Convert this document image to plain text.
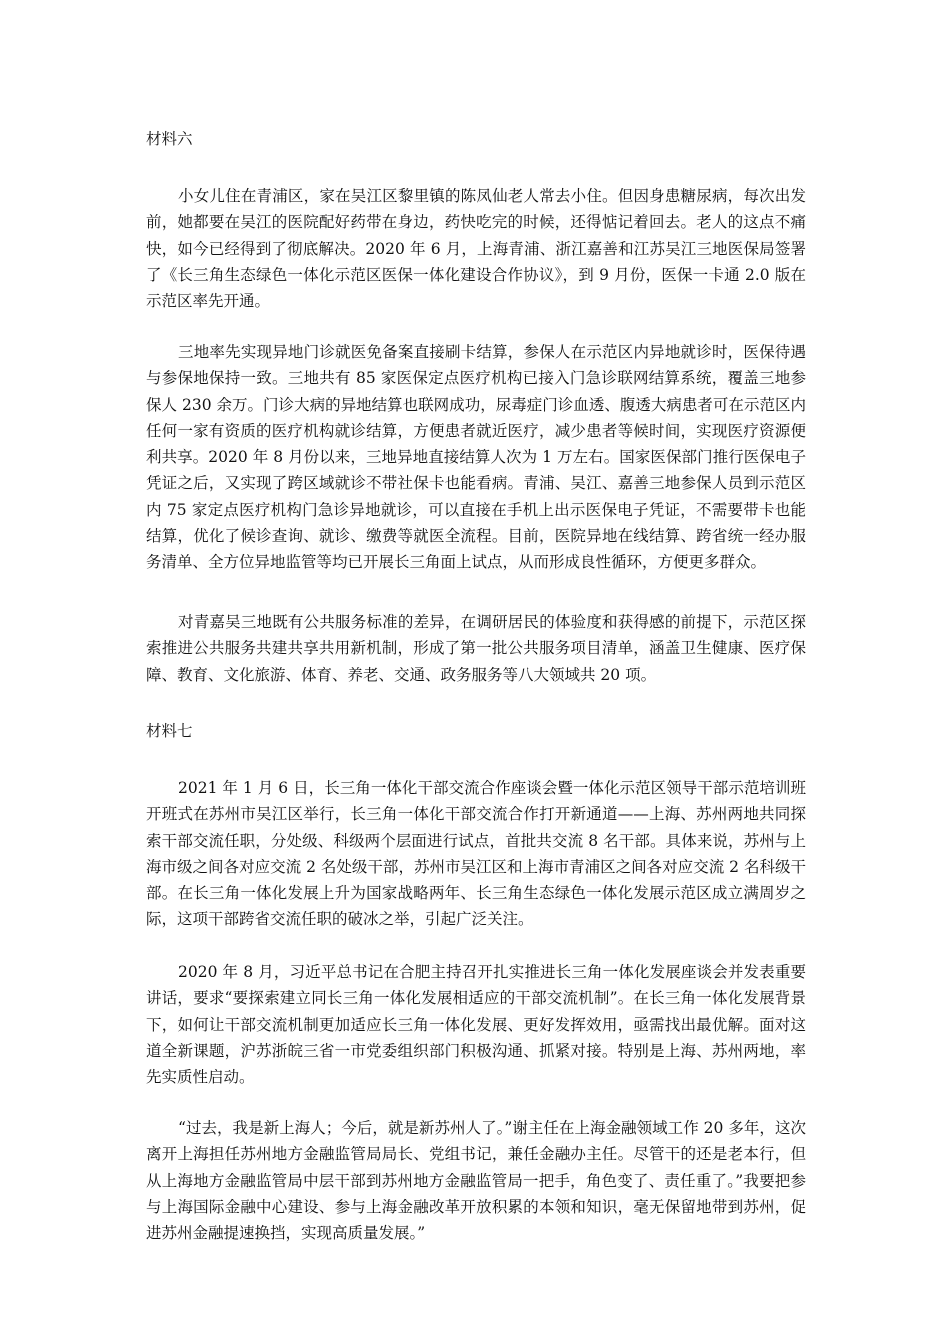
材料六

小女儿住在青浦区，家在吴江区黎里镇的陈凤仙老人常去小住。但因身患糖尿病，每次出发前，她都要在吴江的医院配好药带在身边，药快吃完的时候，还得惦记着回去。老人的这点不痛快，如今已经得到了彻底解决。2020 年 6 月，上海青浦、浙江嘉善和江苏吴江三地医保局签署了《长三角生态绿色一体化示范区医保一体化建设合作协议》，到 9 月份，医保一卡通 2.0 版在示范区率先开通。

三地率先实现异地门诊就医免备案直接刷卡结算，参保人在示范区内异地就诊时，医保待遇与参保地保持一致。三地共有 85 家医保定点医疗机构已接入门急诊联网结算系统，覆盖三地参保人 230 余万。门诊大病的异地结算也联网成功，尿毒症门诊血透、腹透大病患者可在示范区内任何一家有资质的医疗机构就诊结算，方便患者就近医疗，减少患者等候时间，实现医疗资源便利共享。2020 年 8 月份以来，三地异地直接结算人次为 1 万左右。国家医保部门推行医保电子凭证之后，又实现了跨区域就诊不带社保卡也能看病。青浦、吴江、嘉善三地参保人员到示范区内 75 家定点医疗机构门急诊异地就诊，可以直接在手机上出示医保电子凭证，不需要带卡也能结算，优化了候诊查询、就诊、缴费等就医全流程。目前，医院异地在线结算、跨省统一经办服务清单、全方位异地监管等均已开展长三角面上试点，从而形成良性循环，方便更多群众。

对青嘉吴三地既有公共服务标准的差异，在调研居民的体验度和获得感的前提下，示范区探索推进公共服务共建共享共用新机制，形成了第一批公共服务项目清单，涵盖卫生健康、医疗保障、教育、文化旅游、体育、养老、交通、政务服务等八大领域共 20 项。

材料七

2021 年 1 月 6 日，长三角一体化干部交流合作座谈会暨一体化示范区领导干部示范培训班开班式在苏州市吴江区举行，长三角一体化干部交流合作打开新通道——上海、苏州两地共同探索干部交流任职，分处级、科级两个层面进行试点，首批共交流 8 名干部。具体来说，苏州与上海市级之间各对应交流 2 名处级干部，苏州市吴江区和上海市青浦区之间各对应交流 2 名科级干部。在长三角一体化发展上升为国家战略两年、长三角生态绿色一体化发展示范区成立满周岁之际，这项干部跨省交流任职的破冰之举，引起广泛关注。

2020 年 8 月，习近平总书记在合肥主持召开扎实推进长三角一体化发展座谈会并发表重要讲话，要求“要探索建立同长三角一体化发展相适应的干部交流机制”。在长三角一体化发展背景下，如何让干部交流机制更加适应长三角一体化发展、更好发挥效用，亟需找出最优解。面对这道全新课题，沪苏浙皖三省一市党委组织部门积极沟通、抓紧对接。特别是上海、苏州两地，率先实质性启动。

“过去，我是新上海人；今后，就是新苏州人了。”谢主任在上海金融领域工作 20 多年，这次离开上海担任苏州地方金融监管局局长、党组书记，兼任金融办主任。尽管干的还是老本行，但从上海地方金融监管局中层干部到苏州地方金融监管局一把手，角色变了、责任重了。”我要把参与上海国际金融中心建设、参与上海金融改革开放积累的本领和知识，毫无保留地带到苏州，促进苏州金融提速换挡，实现高质量发展。”
